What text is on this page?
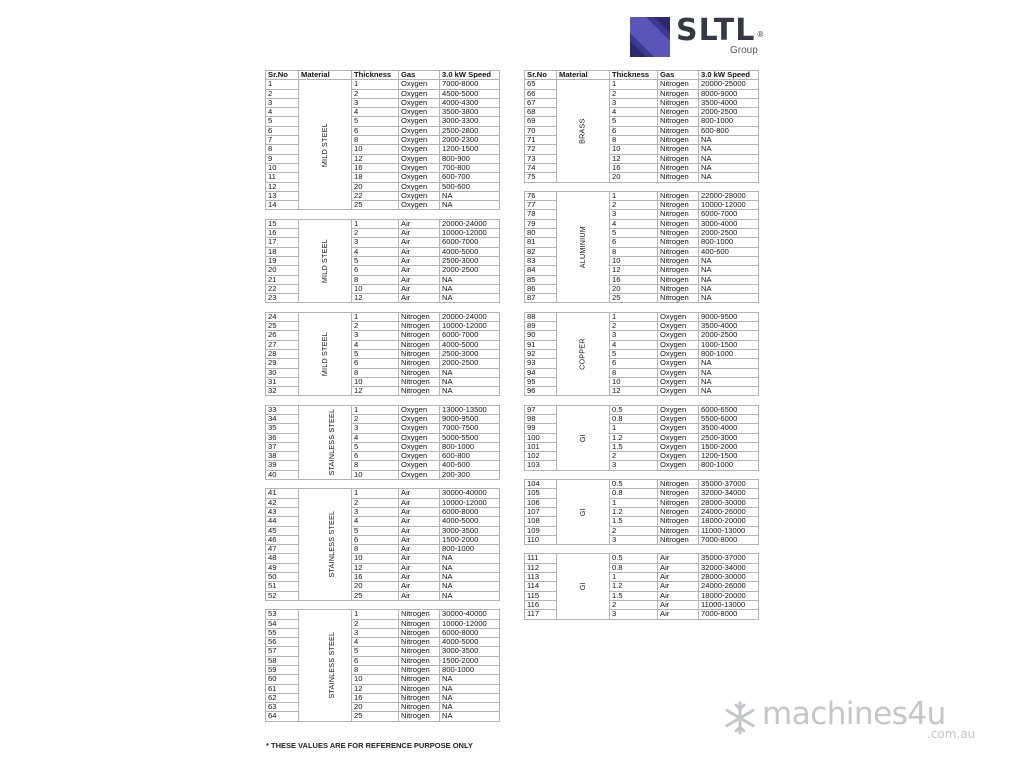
SLTL®
Group
Sr.No	Material	Thickness	Gas	3.0 kW Speed
1	MILD STEEL	1	Oxygen	7000-8000
2		2	Oxygen	4500-5000
3		3	Oxygen	4000-4300
4		4	Oxygen	3500-3800
5		5	Oxygen	3000-3300
6		6	Oxygen	2500-2800
7		8	Oxygen	2000-2300
8		10	Oxygen	1200-1500
9		12	Oxygen	800-900
10		16	Oxygen	700-800
11		18	Oxygen	600-700
12		20	Oxygen	500-600
13		22	Oxygen	NA
14		25	Oxygen	NA

15	MILD STEEL	1	Air	20000-24000
16		2	Air	10000-12000
17		3	Air	6000-7000
18		4	Air	4000-5000
19		5	Air	2500-3000
20		6	Air	2000-2500
21		8	Air	NA
22		10	Air	NA
23		12	Air	NA

24	MILD STEEL	1	Nitrogen	20000-24000
25		2	Nitrogen	10000-12000
26		3	Nitrogen	6000-7000
27		4	Nitrogen	4000-5000
28		5	Nitrogen	2500-3000
29		6	Nitrogen	2000-2500
30		8	Nitrogen	NA
31		10	Nitrogen	NA
32		12	Nitrogen	NA

33	STAINLESS STEEL	1	Oxygen	13000-13500
34		2	Oxygen	9000-9500
35		3	Oxygen	7000-7500
36		4	Oxygen	5000-5500
37		5	Oxygen	800-1000
38		6	Oxygen	600-800
39		8	Oxygen	400-600
40		10	Oxygen	200-300

41	STAINLESS STEEL	1	Air	30000-40000
42		2	Air	10000-12000
43		3	Air	6000-8000
44		4	Air	4000-5000
45		5	Air	3000-3500
46		6	Air	1500-2000
47		8	Air	800-1000
48		10	Air	NA
49		12	Air	NA
50		16	Air	NA
51		20	Air	NA
52		25	Air	NA

53	STAINLESS STEEL	1	Nitrogen	30000-40000
54		2	Nitrogen	10000-12000
55		3	Nitrogen	6000-8000
56		4	Nitrogen	4000-5000
57		5	Nitrogen	3000-3500
58		6	Nitrogen	1500-2000
59		8	Nitrogen	800-1000
60		10	Nitrogen	NA
61		12	Nitrogen	NA
62		16	Nitrogen	NA
63		20	Nitrogen	NA
64		25	Nitrogen	NA
Sr.No	Material	Thickness	Gas	3.0 kW Speed
65	BRASS	1	Nitrogen	20000-25000
66		2	Nitrogen	8000-9000
67		3	Nitrogen	3500-4000
68		4	Nitrogen	2000-2500
69		5	Nitrogen	800-1000
70		6	Nitrogen	600-800
71		8	Nitrogen	NA
72		10	Nitrogen	NA
73		12	Nitrogen	NA
74		16	Nitrogen	NA
75		20	Nitrogen	NA

76	ALUMINIUM	1	Nitrogen	22000-28000
77		2	Nitrogen	10000-12000
78		3	Nitrogen	6000-7000
79		4	Nitrogen	3000-4000
80		5	Nitrogen	2000-2500
81		6	Nitrogen	800-1000
82		8	Nitrogen	400-600
83		10	Nitrogen	NA
84		12	Nitrogen	NA
85		16	Nitrogen	NA
86		20	Nitrogen	NA
87		25	Nitrogen	NA

88	COPPER	1	Oxygen	9000-9500
89		2	Oxygen	3500-4000
90		3	Oxygen	2000-2500
91		4	Oxygen	1000-1500
92		5	Oxygen	800-1000
93		6	Oxygen	NA
94		8	Oxygen	NA
95		10	Oxygen	NA
96		12	Oxygen	NA

97	GI	0.5	Oxygen	6000-6500
98		0.8	Oxygen	5500-6000
99		1	Oxygen	3500-4000
100		1.2	Oxygen	2500-3000
101		1.5	Oxygen	1500-2000
102		2	Oxygen	1200-1500
103		3	Oxygen	800-1000

104	GI	0.5	Nitrogen	35000-37000
105		0.8	Nitrogen	32000-34000
106		1	Nitrogen	28000-30000
107		1.2	Nitrogen	24000-26000
108		1.5	Nitrogen	18000-20000
109		2	Nitrogen	11000-13000
110		3	Nitrogen	7000-8000

111	GI	0.5	Air	35000-37000
112		0.8	Air	32000-34000
113		1	Air	28000-30000
114		1.2	Air	24000-26000
115		1.5	Air	18000-20000
116		2	Air	11000-13000
117		3	Air	7000-8000
* THESE VALUES ARE FOR REFERENCE PURPOSE ONLY
machines4u
.com.au
